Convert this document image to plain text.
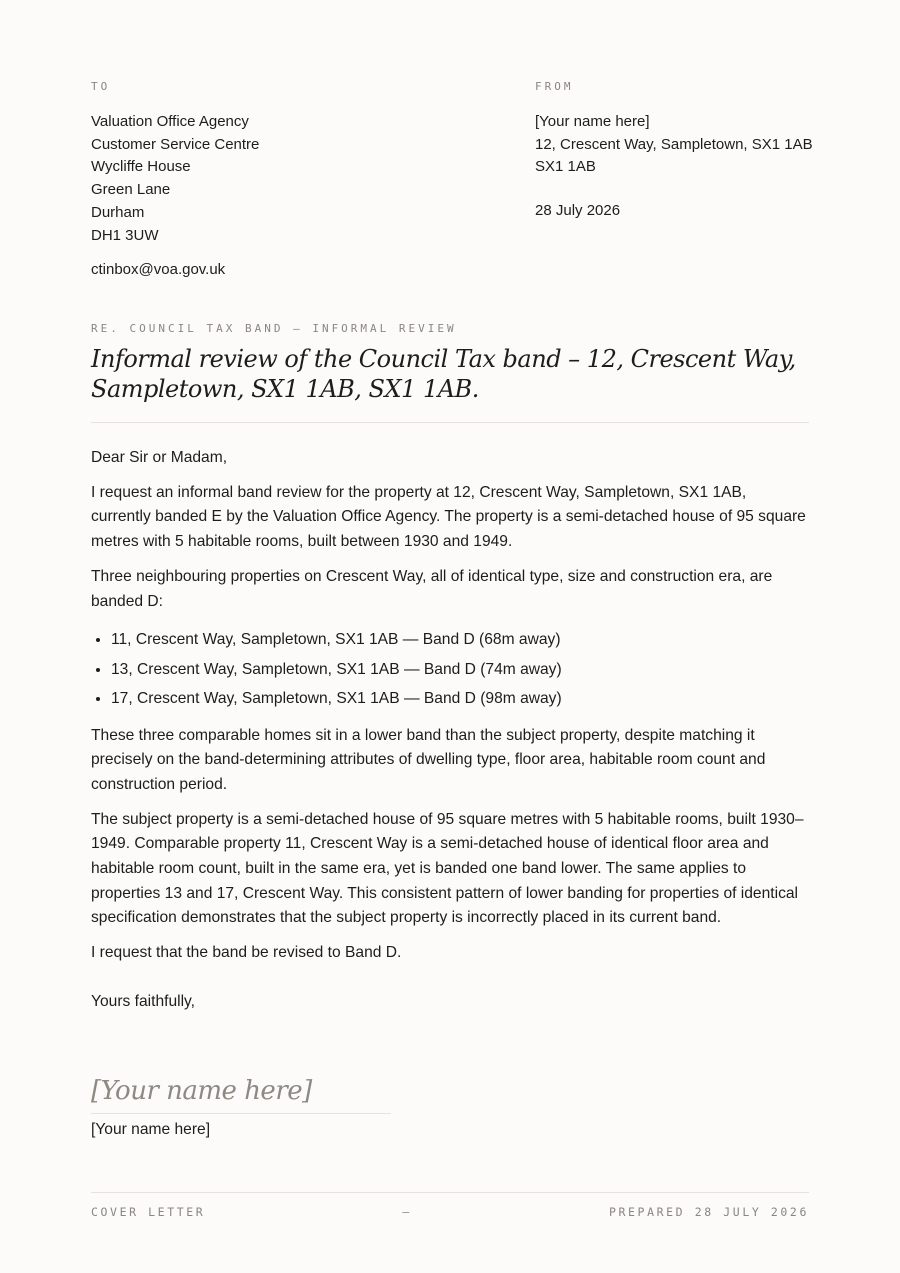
TO
Valuation Office Agency
Customer Service Centre
Wycliffe House
Green Lane
Durham
DH1 3UW
ctinbox@voa.gov.uk
FROM
[Your name here]
12, Crescent Way, Sampletown, SX1 1AB
SX1 1AB
28 July 2026
RE. COUNCIL TAX BAND — INFORMAL REVIEW
Informal review of the Council Tax band – 12, Crescent Way, Sampletown, SX1 1AB, SX1 1AB.

Dear Sir or Madam,

I request an informal band review for the property at 12, Crescent Way, Sampletown, SX1 1AB, currently banded E by the Valuation Office Agency. The property is a semi-detached house of 95 square metres with 5 habitable rooms, built between 1930 and 1949.

Three neighbouring properties on Crescent Way, all of identical type, size and construction era, are banded D:

• 11, Crescent Way, Sampletown, SX1 1AB — Band D (68m away)
• 13, Crescent Way, Sampletown, SX1 1AB — Band D (74m away)
• 17, Crescent Way, Sampletown, SX1 1AB — Band D (98m away)

These three comparable homes sit in a lower band than the subject property, despite matching it precisely on the band-determining attributes of dwelling type, floor area, habitable room count and construction period.

The subject property is a semi-detached house of 95 square metres with 5 habitable rooms, built 1930–1949. Comparable property 11, Crescent Way is a semi-detached house of identical floor area and habitable room count, built in the same era, yet is banded one band lower. The same applies to properties 13 and 17, Crescent Way. This consistent pattern of lower banding for properties of identical specification demonstrates that the subject property is incorrectly placed in its current band.

I request that the band be revised to Band D.

Yours faithfully,

[Your name here]
[Your name here]
COVER LETTER	—	PREPARED 28 JULY 2026
